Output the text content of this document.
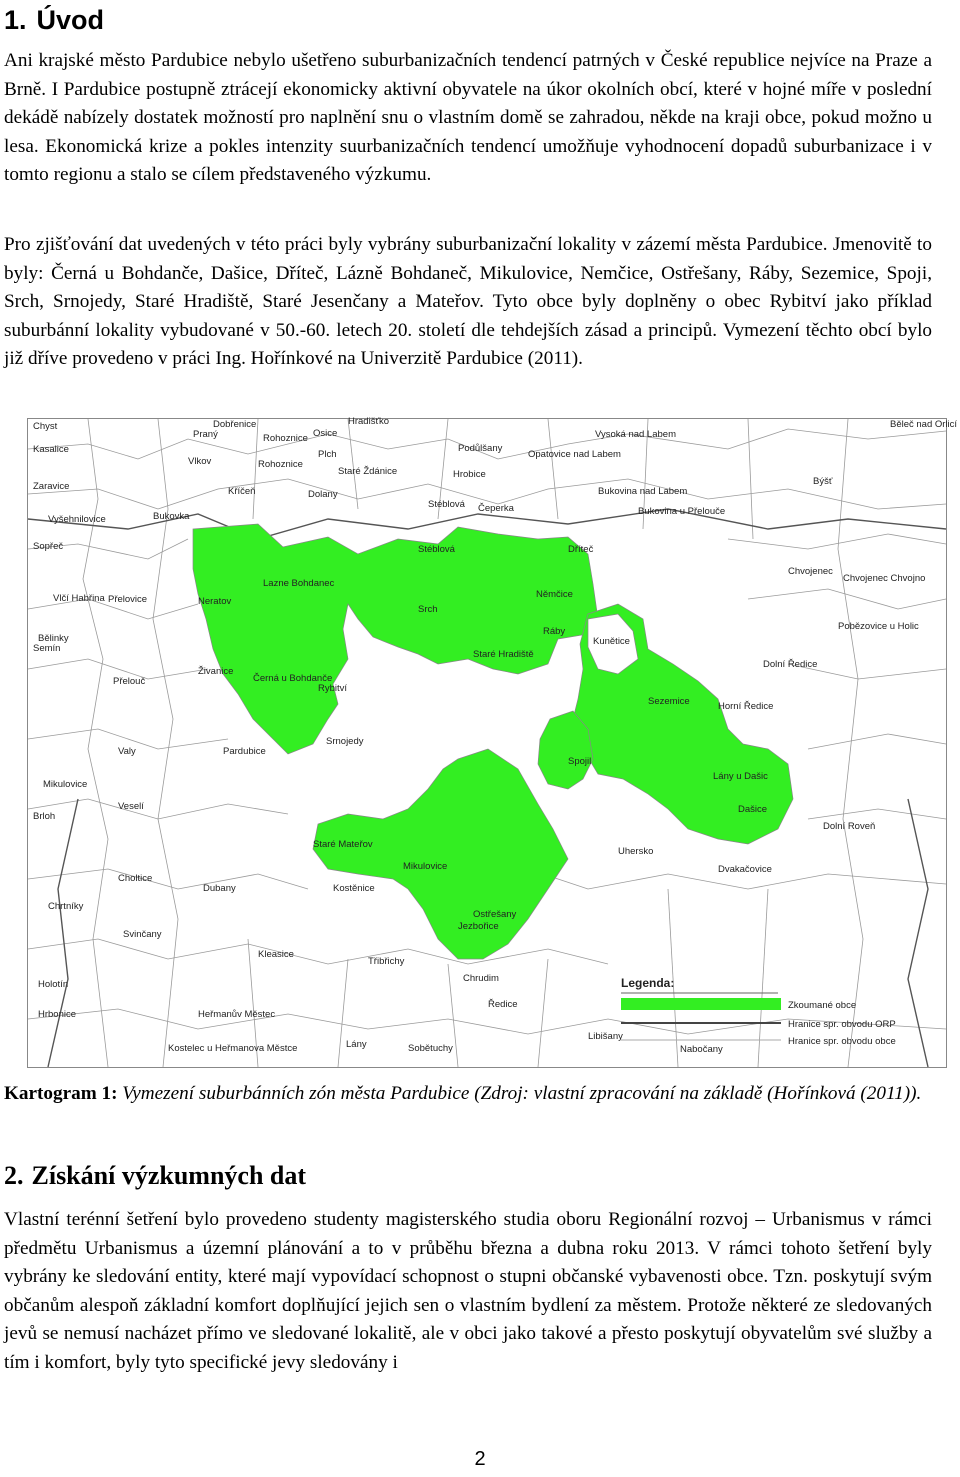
1. Úvod

Ani krajské město Pardubice nebylo ušetřeno suburbanizačních tendencí patrných v České republice nejvíce na Praze a Brně. I Pardubice postupně ztrácejí ekonomicky aktivní obyvatele na úkor okolních obcí, které v hojné míře v poslední dekádě nabízely dostatek možností pro naplnění snu o vlastním domě se zahradou, někde na kraji obce, pokud možno u lesa. Ekonomická krize a pokles intenzity suurbanizačních tendencí umožňuje vyhodnocení dopadů suburbanizace i v tomto regionu a stalo se cílem představeného výzkumu.

Pro zjišťování dat uvedených v této práci byly vybrány suburbanizační lokality v zázemí města Pardubice. Jmenovitě to byly: Černá u Bohdanče, Dašice, Dříteč, Lázně Bohdaneč, Mikulovice, Nemčice, Ostřešany, Ráby, Sezemice, Spoji, Srch, Srnojedy, Staré Hradiště, Staré Jesenčany a Mateřov. Tyto obce byly doplněny o obec Rybitví jako příklad suburbánní lokality vybudované v 50.-60. letech 20. století dle tehdejších zásad a principů. Vymezení těchto obcí bylo již dříve provedeno v práci Ing. Hořínkové na Univerzitě Pardubice (2011).

Chyst	Dobřenice
Rohoznice Osice	Vysoká nad Labem
Běleč nad Orlicí
Praný
Hradišťko
Vlkov
Kasalice
Rohoznice
Plch
Podůlšany
Opatovice nad Labem
Hrobice
Zaravice	Kříčeň	Dolany
Staré Ždánice
Bukovina nad Labem
Býšť
Bukovina u Přelouče
Čeperka
Vyšehnilovice	Bukovka
Sopřeč
Vlčí Habřina
Chvojenec
Přelovice	Neratov
Chvojenec Chvojno
Bělinky
Semín
Pobězovice u Holic
Dolní Ředice
Přelouč
Živanice
Horní Ředice
Valy	Pardubice
Mikulovice
Veselí
Brloh
Dolní Roveň
Choltice
Chrtníky
Dubany
Svinčany
Kostěnice
Uhersko
Dvakačovice
Holotín
Kleasice
Třibřichy
Chrudim
Hrbonice	Heřmanův Městec
Lány
Kostelec u Heřmanova Městce	Sobětuchy	Nabočany
Jezbořice
Ředice
Libišany
Stéblová
Lazne Bohdanec
Srch
Stéblová	Dříteč
Němčice
Ráby
Staré Hradiště
Kunětice
Černá u Bohdanče
Rybitví
Srnojedy
Sezemice
Spojil
Lány u Dašic
Dašice
Staré Mateřov
Mikulovice
Ostřešany
Legenda:
Zkoumané obce
Hranice spr. obvodu ORP
Hranice spr. obvodu obce

Kartogram 1: Vymezení suburbánních zón města Pardubice (Zdroj: vlastní zpracování na základě (Hořínková (2011)).

2. Získání výzkumných dat

Vlastní terénní šetření bylo provedeno studenty magisterského studia oboru Regionální rozvoj – Urbanismus v rámci předmětu Urbanismus a územní plánování a to v průběhu března a dubna roku 2013. V rámci tohoto šetření byly vybrány ke sledování entity, které mají vypovídací schopnost o stupni občanské vybavenosti obce. Tzn. poskytují svým občanům alespoň základní komfort doplňující jejich sen o vlastním bydlení za městem. Protože některé ze sledovaných jevů se nemusí nacházet přímo ve sledované lokalitě, ale v obci jako takové a přesto poskytují obyvatelům své služby a tím i komfort, byly tyto specifické jevy sledovány i

2
